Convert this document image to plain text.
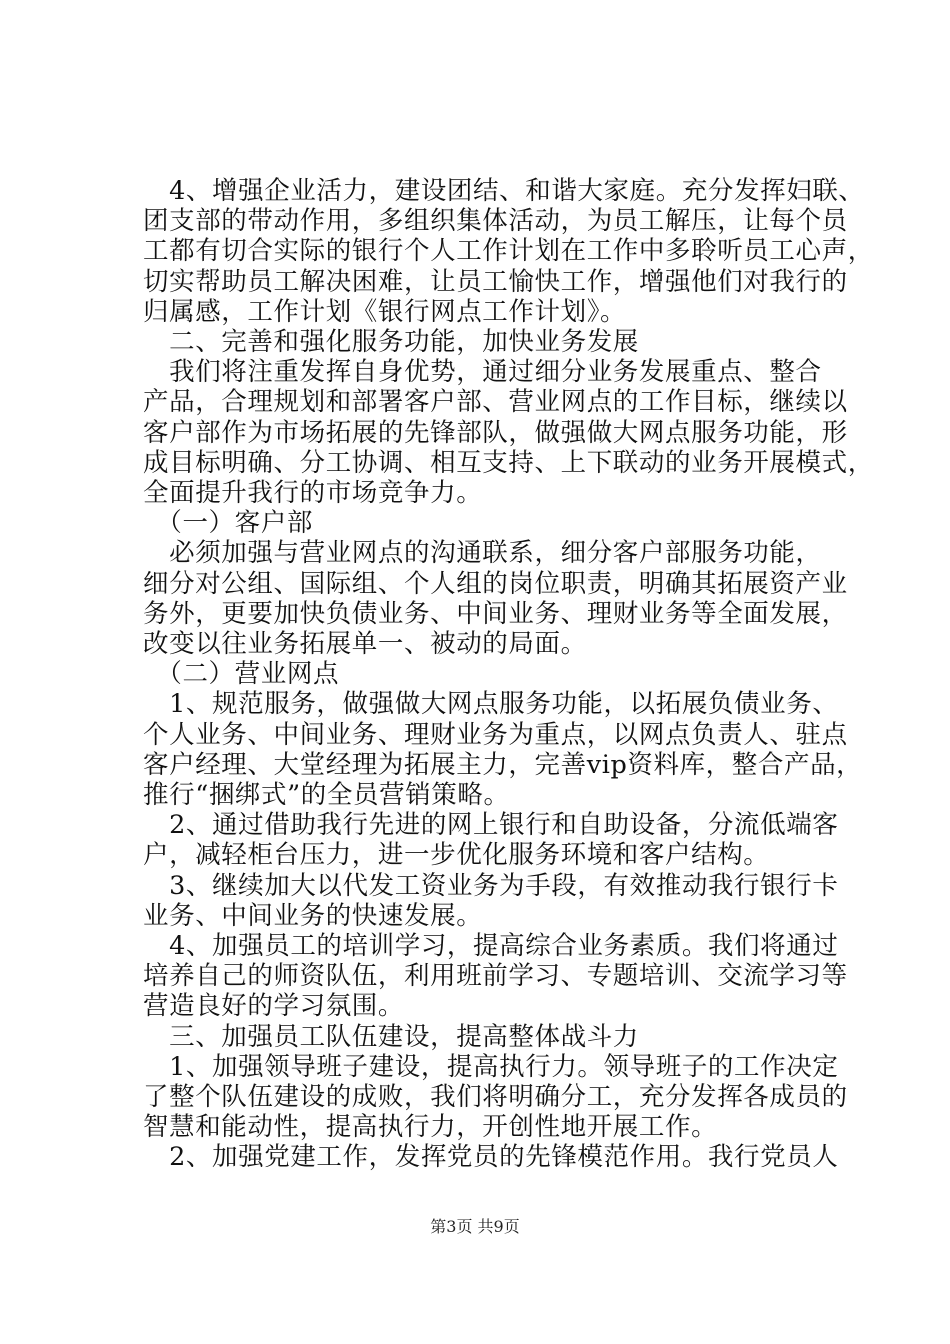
　4、增强企业活力，建设团结、和谐大家庭。充分发挥妇联、
团支部的带动作用，多组织集体活动，为员工解压，让每个员
工都有切合实际的银行个人工作计划在工作中多聆听员工心声，
切实帮助员工解决困难，让员工愉快工作，增强他们对我行的
归属感，工作计划《银行网点工作计划》。
　二、完善和强化服务功能，加快业务发展
　我们将注重发挥自身优势，通过细分业务发展重点、整合
产品，合理规划和部署客户部、营业网点的工作目标，继续以
客户部作为市场拓展的先锋部队，做强做大网点服务功能，形
成目标明确、分工协调、相互支持、上下联动的业务开展模式，
全面提升我行的市场竞争力。
　（一）客户部
　必须加强与营业网点的沟通联系，细分客户部服务功能，
细分对公组、国际组、个人组的岗位职责，明确其拓展资产业
务外，更要加快负债业务、中间业务、理财业务等全面发展，
改变以往业务拓展单一、被动的局面。
　（二）营业网点
　1、规范服务，做强做大网点服务功能，以拓展负债业务、
个人业务、中间业务、理财业务为重点，以网点负责人、驻点
客户经理、大堂经理为拓展主力，完善vip资料库，整合产品，
推行“捆绑式”的全员营销策略。
　2、通过借助我行先进的网上银行和自助设备，分流低端客
户，减轻柜台压力，进一步优化服务环境和客户结构。
　3、继续加大以代发工资业务为手段，有效推动我行银行卡
业务、中间业务的快速发展。
　4、加强员工的培训学习，提高综合业务素质。我们将通过
培养自己的师资队伍，利用班前学习、专题培训、交流学习等
营造良好的学习氛围。
　三、加强员工队伍建设，提高整体战斗力
　1、加强领导班子建设，提高执行力。领导班子的工作决定
了整个队伍建设的成败，我们将明确分工，充分发挥各成员的
智慧和能动性，提高执行力，开创性地开展工作。
　2、加强党建工作，发挥党员的先锋模范作用。我行党员人
第3页 共9页
